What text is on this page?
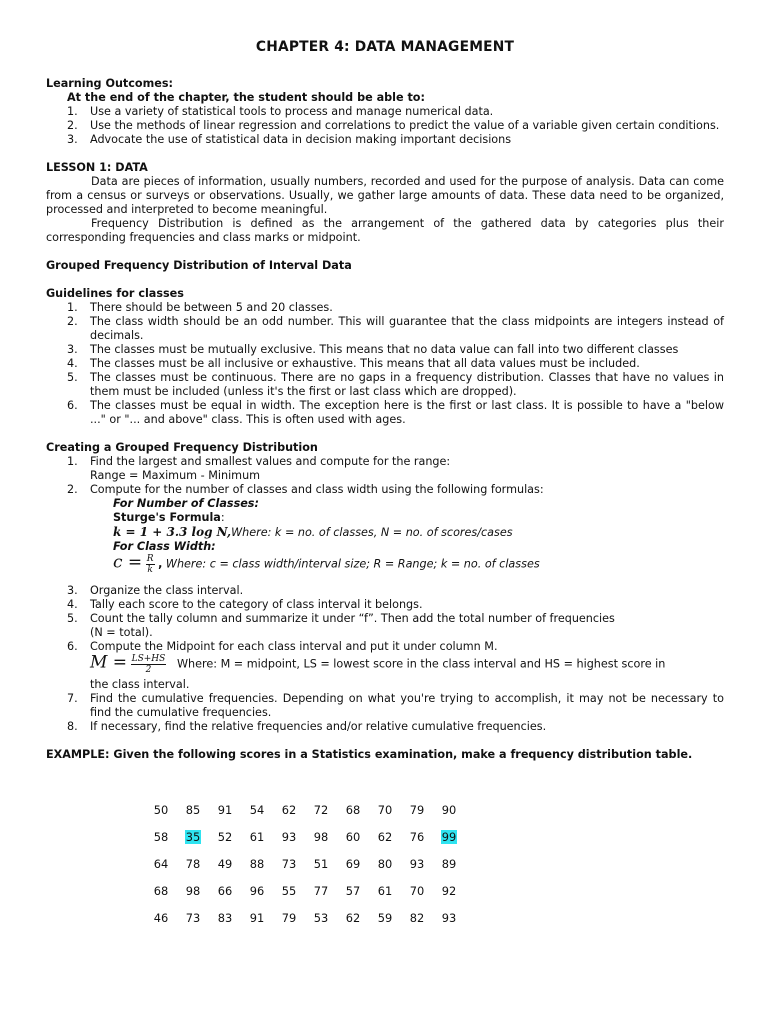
CHAPTER 4: DATA MANAGEMENT
Learning Outcomes:
At the end of the chapter, the student should be able to:
1. Use a variety of statistical tools to process and manage numerical data.
2. Use the methods of linear regression and correlations to predict the value of a variable given certain conditions.
3. Advocate the use of statistical data in decision making important decisions
LESSON 1: DATA

Data are pieces of information, usually numbers, recorded and used for the purpose of analysis. Data can come from a census or surveys or observations. Usually, we gather large amounts of data. These data need to be organized, processed and interpreted to become meaningful.

Frequency Distribution is defined as the arrangement of the gathered data by categories plus their corresponding frequencies and class marks or midpoint.

Grouped Frequency Distribution of Interval Data
Guidelines for classes
1. There should be between 5 and 20 classes.
2. The class width should be an odd number. This will guarantee that the class midpoints are integers instead of decimals.
3. The classes must be mutually exclusive. This means that no data value can fall into two different classes
4. The classes must be all inclusive or exhaustive. This means that all data values must be included.
5. The classes must be continuous. There are no gaps in a frequency distribution. Classes that have no values in them must be included (unless it's the first or last class which are dropped).
6. The classes must be equal in width. The exception here is the first or last class. It is possible to have a "below ..." or "... and above" class. This is often used with ages.
Creating a Grouped Frequency Distribution
1. Find the largest and smallest values and compute for the range:
Range = Maximum - Minimum
2. Compute for the number of classes and class width using the following formulas:
For Number of Classes:
Sturge's Formula:
k = 1 + 3.3 log N,Where: k = no. of classes, N = no. of scores/cases
For Class Width:
$c = \frac{R}{k}$ , Where: c = class width/interval size; R = Range; k = no. of classes
3. Organize the class interval.
4. Tally each score to the category of class interval it belongs.
5. Count the tally column and summarize it under “f”. Then add the total number of frequencies
(N = total).
6. Compute the Midpoint for each class interval and put it under column M.
$M = \frac{LS+HS}{2}$ Where: M = midpoint, LS = lowest score in the class interval and HS = highest score in
the class interval.
7. Find the cumulative frequencies. Depending on what you're trying to accomplish, it may not be necessary to find the cumulative frequencies.
8. If necessary, find the relative frequencies and/or relative cumulative frequencies.
EXAMPLE: Given the following scores in a Statistics examination, make a frequency distribution table.
50	85	91	54	62	72	68	70	79	90
58	35	52	61	93	98	60	62	76	99
64	78	49	88	73	51	69	80	93	89
68	98	66	96	55	77	57	61	70	92
46	73	83	91	79	53	62	59	82	93
